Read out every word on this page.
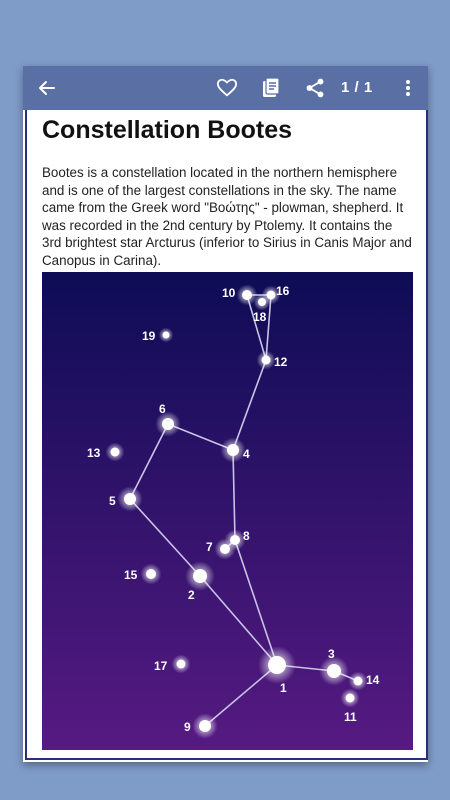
1 / 1
Constellation Bootes

Bootes is a constellation located in the northern hemisphere and is one of the largest constellations in the sky. The name came from the Greek word "Βοώτης" - plowman, shepherd. It was recorded in the 2nd century by Ptolemy. It contains the 3rd brightest star Arcturus (inferior to Sirius in Canis Major and Canopus in Carina).

1
2
3
4
5
6
7
8
9
10
11
12
13
14
15
16
17
18
19
